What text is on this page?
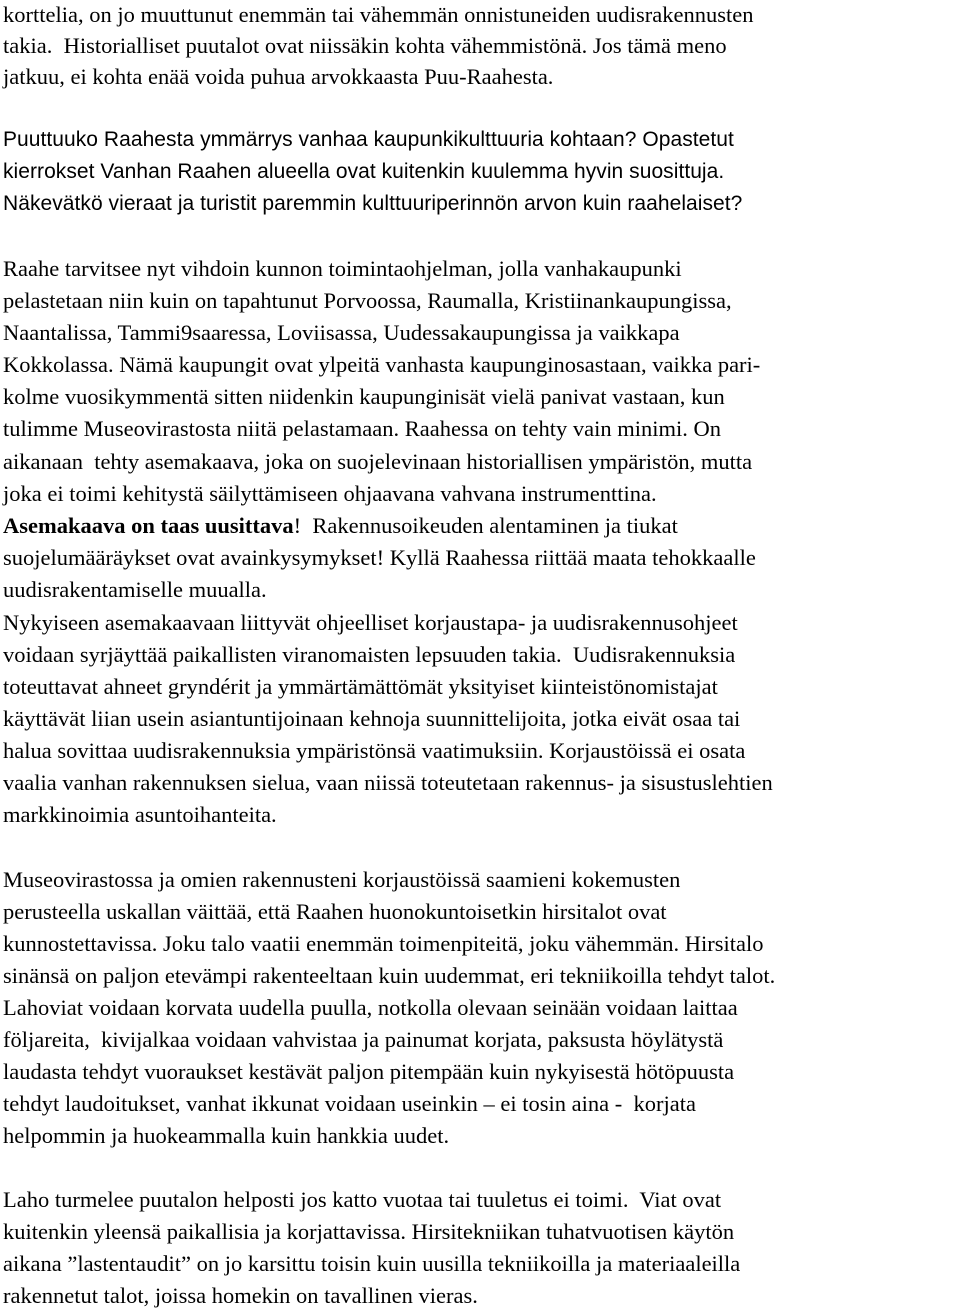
korttelia, on jo muuttunut enemmän tai vähemmän onnistuneiden uudisrakennusten
takia.  Historialliset puutalot ovat niissäkin kohta vähemmistönä. Jos tämä meno
jatkuu, ei kohta enää voida puhua arvokkaasta Puu-Raahesta.
Puuttuuko Raahesta ymmärrys vanhaa kaupunkikulttuuria kohtaan? Opastetut
kierrokset Vanhan Raahen alueella ovat kuitenkin kuulemma hyvin suosittuja.
Näkevätkö vieraat ja turistit paremmin kulttuuriperinnön arvon kuin raahelaiset?
Raahe tarvitsee nyt vihdoin kunnon toimintaohjelman, jolla vanhakaupunki
pelastetaan niin kuin on tapahtunut Porvoossa, Raumalla, Kristiinankaupungissa,
Naantalissa, Tammi9saaressa, Loviisassa, Uudessakaupungissa ja vaikkapa
Kokkolassa. Nämä kaupungit ovat ylpeitä vanhasta kaupunginosastaan, vaikka pari-
kolme vuosikymmentä sitten niidenkin kaupunginisät vielä panivat vastaan, kun
tulimme Museovirastosta niitä pelastamaan. Raahessa on tehty vain minimi. On
aikanaan  tehty asemakaava, joka on suojelevinaan historiallisen ympäristön, mutta
joka ei toimi kehitystä säilyttämiseen ohjaavana vahvana instrumenttina.
Asemakaava on taas uusittava!  Rakennusoikeuden alentaminen ja tiukat
suojelumääräykset ovat avainkysymykset! Kyllä Raahessa riittää maata tehokkaalle
uudisrakentamiselle muualla.
Nykyiseen asemakaavaan liittyvät ohjeelliset korjaustapa- ja uudisrakennusohjeet
voidaan syrjäyttää paikallisten viranomaisten lepsuuden takia.  Uudisrakennuksia
toteuttavat ahneet gryndérit ja ymmärtämättömät yksityiset kiinteistönomistajat
käyttävät liian usein asiantuntijoinaan kehnoja suunnittelijoita, jotka eivät osaa tai
halua sovittaa uudisrakennuksia ympäristönsä vaatimuksiin. Korjaustöissä ei osata
vaalia vanhan rakennuksen sielua, vaan niissä toteutetaan rakennus- ja sisustuslehtien
markkinoimia asuntoihanteita.
Museovirastossa ja omien rakennusteni korjaustöissä saamieni kokemusten
perusteella uskallan väittää, että Raahen huonokuntoisetkin hirsitalot ovat
kunnostettavissa. Joku talo vaatii enemmän toimenpiteitä, joku vähemmän. Hirsitalo
sinänsä on paljon etevämpi rakenteeltaan kuin uudemmat, eri tekniikoilla tehdyt talot.
Lahoviat voidaan korvata uudella puulla, notkolla olevaan seinään voidaan laittaa
följareita,  kivijalkaa voidaan vahvistaa ja painumat korjata, paksusta höylätystä
laudasta tehdyt vuoraukset kestävät paljon pitempään kuin nykyisestä hötöpuusta
tehdyt laudoitukset, vanhat ikkunat voidaan useinkin – ei tosin aina -  korjata
helpommin ja huokeammalla kuin hankkia uudet.
Laho turmelee puutalon helposti jos katto vuotaa tai tuuletus ei toimi.  Viat ovat
kuitenkin yleensä paikallisia ja korjattavissa. Hirsitekniikan tuhatvuotisen käytön
aikana ”lastentaudit” on jo karsittu toisin kuin uusilla tekniikoilla ja materiaaleilla
rakennetut talot, joissa homekin on tavallinen vieras.
